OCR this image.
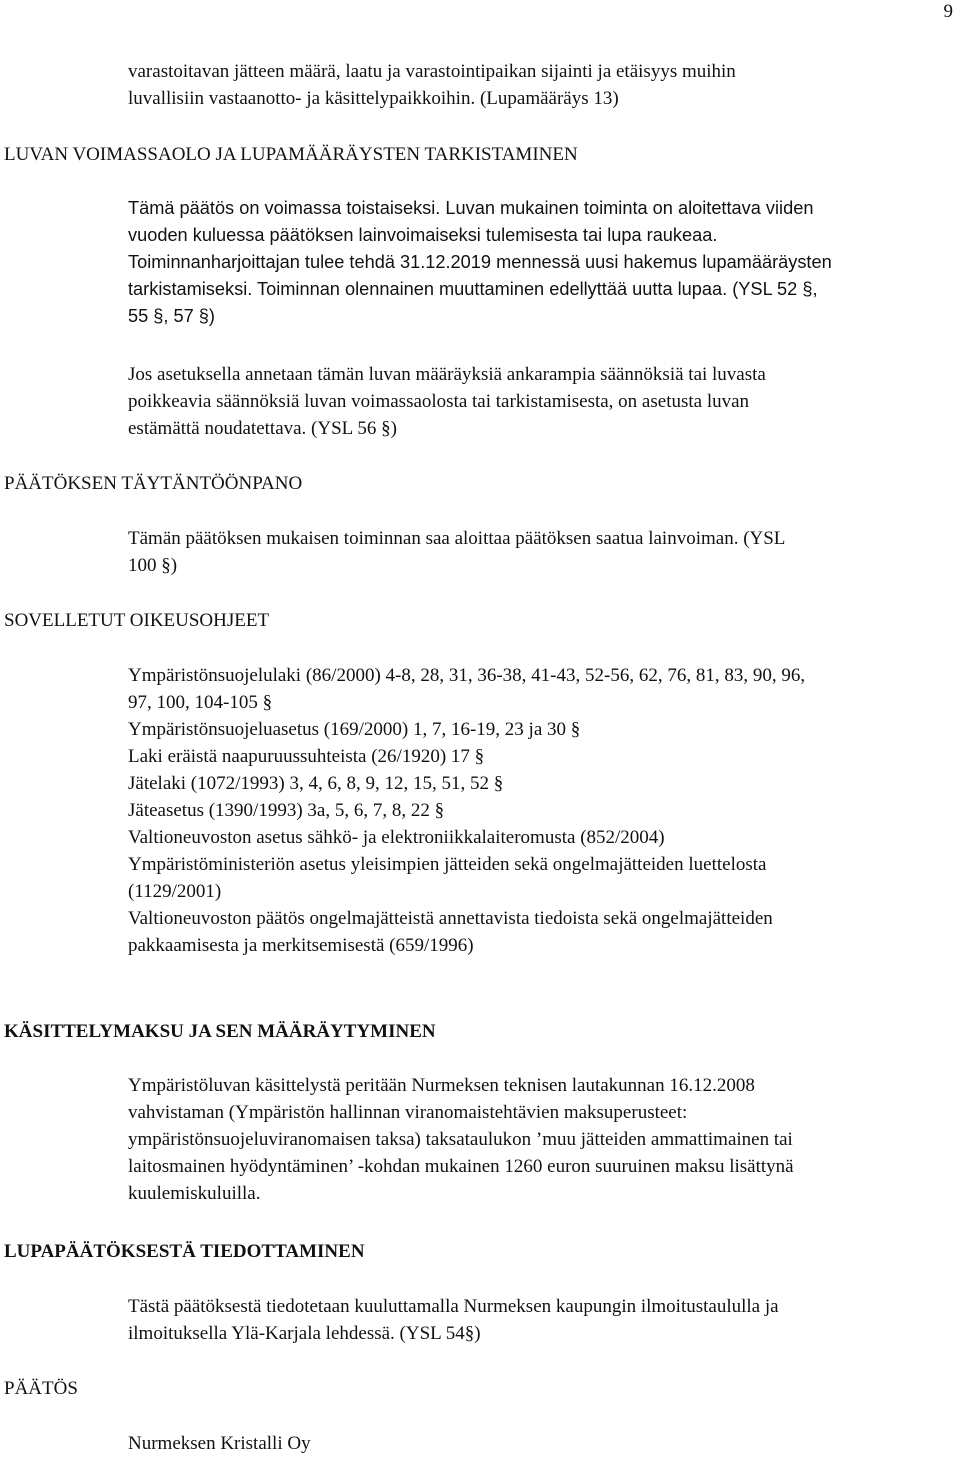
9
varastoitavan jätteen määrä, laatu ja varastointipaikan sijainti ja etäisyys muihin
luvallisiin vastaanotto- ja käsittelypaikkoihin. (Lupamääräys 13)
LUVAN VOIMASSAOLO JA LUPAMÄÄRÄYSTEN TARKISTAMINEN
Tämä päätös on voimassa toistaiseksi. Luvan mukainen toiminta on aloitettava viiden
vuoden kuluessa päätöksen lainvoimaiseksi tulemisesta tai lupa raukeaa.
Toiminnanharjoittajan tulee tehdä 31.12.2019 mennessä uusi hakemus lupamääräysten
tarkistamiseksi. Toiminnan olennainen muuttaminen edellyttää uutta lupaa. (YSL 52 §,
55 §, 57 §)
Jos asetuksella annetaan tämän luvan määräyksiä ankarampia säännöksiä tai luvasta
poikkeavia säännöksiä luvan voimassaolosta tai tarkistamisesta, on asetusta luvan
estämättä noudatettava. (YSL 56 §)
PÄÄTÖKSEN TÄYTÄNTÖÖNPANO
Tämän päätöksen mukaisen toiminnan saa aloittaa päätöksen saatua lainvoiman. (YSL
100 §)
SOVELLETUT OIKEUSOHJEET
Ympäristönsuojelulaki (86/2000) 4-8, 28, 31, 36-38, 41-43, 52-56, 62, 76, 81, 83, 90, 96,
97, 100, 104-105 §
Ympäristönsuojeluasetus (169/2000) 1, 7, 16-19, 23 ja 30 §
Laki eräistä naapuruussuhteista (26/1920) 17 §
Jätelaki (1072/1993) 3, 4, 6, 8, 9, 12, 15, 51, 52 §
Jäteasetus (1390/1993) 3a, 5, 6, 7, 8, 22 §
Valtioneuvoston asetus sähkö- ja elektroniikkalaiteromusta (852/2004)
Ympäristöministeriön asetus yleisimpien jätteiden sekä ongelmajätteiden luettelosta
(1129/2001)
Valtioneuvoston päätös ongelmajätteistä annettavista tiedoista sekä ongelmajätteiden
pakkaamisesta ja merkitsemisestä (659/1996)
KÄSITTELYMAKSU JA SEN MÄÄRÄYTYMINEN
Ympäristöluvan käsittelystä peritään Nurmeksen teknisen lautakunnan 16.12.2008
vahvistaman (Ympäristön hallinnan viranomaistehtävien maksuperusteet:
ympäristönsuojeluviranomaisen taksa) taksataulukon ’muu jätteiden ammattimainen tai
laitosmainen hyödyntäminen’ -kohdan mukainen 1260 euron suuruinen maksu lisättynä
kuulemiskuluilla.
LUPAPÄÄTÖKSESTÄ TIEDOTTAMINEN
Tästä päätöksestä tiedotetaan kuuluttamalla Nurmeksen kaupungin ilmoitustaululla ja
ilmoituksella Ylä-Karjala lehdessä. (YSL 54§)
PÄÄTÖS
Nurmeksen Kristalli Oy
